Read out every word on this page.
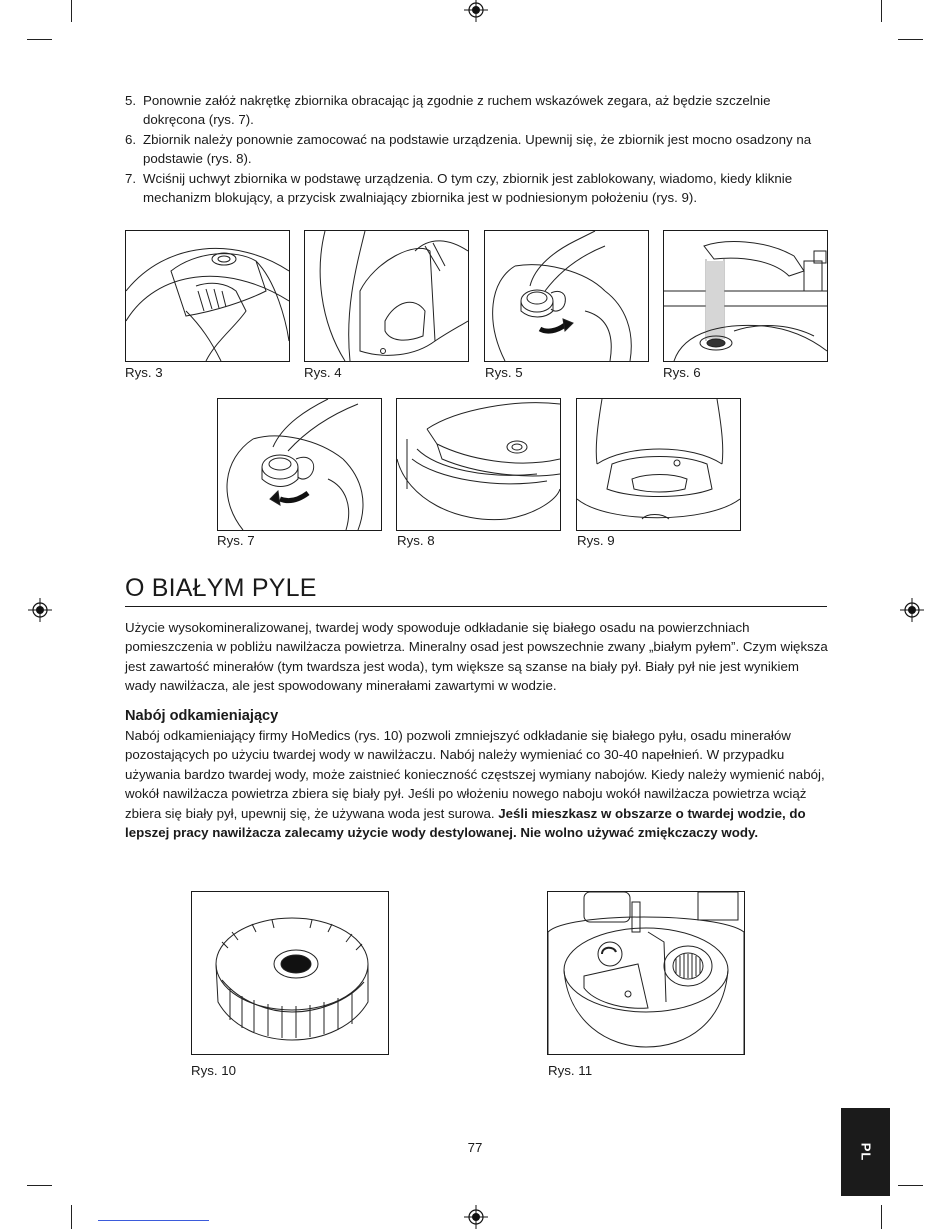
5. Ponownie załóż nakrętkę zbiornika obracając ją zgodnie z ruchem wskazówek zegara, aż będzie szczelnie dokręcona (rys. 7).
6. Zbiornik należy ponownie zamocować na podstawie urządzenia. Upewnij się, że zbiornik jest mocno osadzony na podstawie (rys. 8).
7. Wciśnij uchwyt zbiornika w podstawę urządzenia. O tym czy, zbiornik jest zablokowany, wiadomo, kiedy kliknie mechanizm blokujący, a przycisk zwalniający zbiornika jest w podniesionym położeniu (rys. 9).
Rys. 3	Rys. 4	Rys. 5	Rys. 6
Rys. 7	Rys. 8	Rys. 9
O BIAŁYM PYLE

Użycie wysokomineralizowanej, twardej wody spowoduje odkładanie się białego osadu na powierzchniach pomieszczenia w pobliżu nawilżacza powietrza. Mineralny osad jest powszechnie zwany „białym pyłem”. Czym większa jest zawartość minerałów (tym twardsza jest woda), tym większe są szanse na biały pył. Biały pył nie jest wynikiem wady nawilżacza, ale jest spowodowany minerałami zawartymi w wodzie.

Nabój odkamieniający

Nabój odkamieniający firmy HoMedics (rys. 10) pozwoli zmniejszyć odkładanie się białego pyłu, osadu minerałów pozostających po użyciu twardej wody w nawilżaczu. Nabój należy wymieniać co 30-40 napełnień. W przypadku używania bardzo twardej wody, może zaistnieć konieczność częstszej wymiany nabojów. Kiedy należy wymienić nabój, wokół nawilżacza powietrza zbiera się biały pył. Jeśli po włożeniu nowego naboju wokół nawilżacza powietrza wciąż zbiera się biały pył, upewnij się, że używana woda jest surowa. Jeśli mieszkasz w obszarze o twardej wodzie, do lepszej pracy nawilżacza zalecamy użycie wody destylowanej. Nie wolno używać zmiękczaczy wody.

Rys. 10	Rys. 11
77	PL
